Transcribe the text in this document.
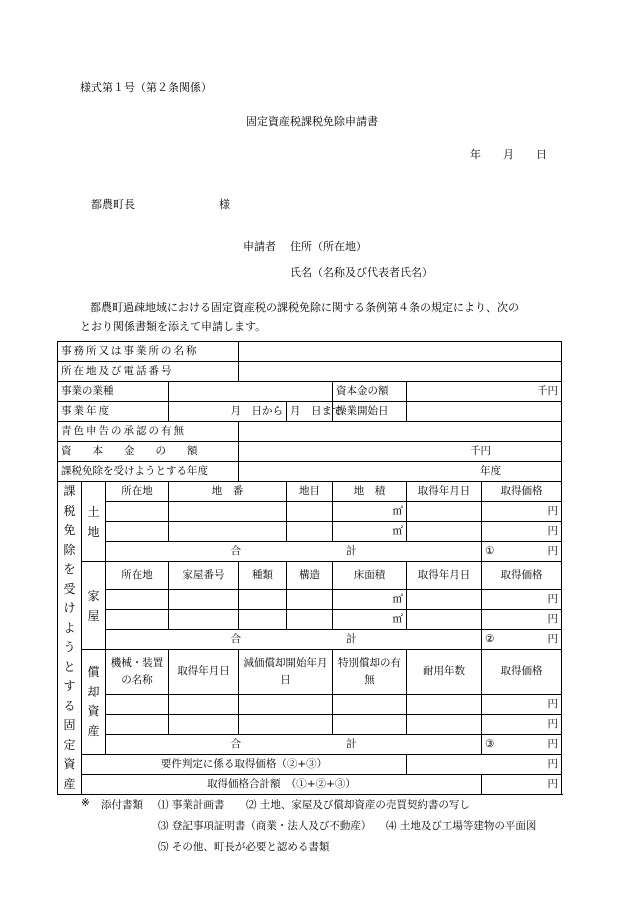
様式第１号（第２条関係）
固定資産税課税免除申請書
年　　月　　日
都農町長	様
申請者 住所（所在地）
氏名（名称及び代表者氏名）
都農町過疎地域における固定資産税の課税免除に関する条例第４条の規定により、次の
とおり関係書類を添えて申請します。
事務所又は事業所の名称								
所在地及び電話番号								
事業の業種						資本金の額	千円	
事業年度			月　日から		月　日まで	操業開始日		
青色申告の承認の有無								
資　　本　　金　　の　　額				千円				
課税免除を受けようとする年度				年度				
課税免除を受けようとする固定資産	土地	所在地	地　番		地目	地　積	取得年月日	取得価格
						㎡		円
						㎡		円
		合　　　　　　　　　　計						① 円

	家屋	所在地	家屋番号	種類	構造	床面積	取得年月日	取得価格
						㎡		円
						㎡		円
		合　　　　　　　　　　計						② 円

	償却資産	機械・装置の名称	取得年月日	減価償却開始年月日		特別償却の有　　無	耐用年数	取得価格
								円
								円
		合　　　　　　　　　　計						③ 円

	要件判定に係る取得価格（②+③）						円	
	取得価格合計額　（①+②+③）							円
※ 添付書類 ⑴ 事業計画書 ⑵ 土地、家屋及び償却資産の売買契約書の写し
⑶ 登記事項証明書（商業・法人及び不動産） ⑷ 土地及び工場等建物の平面図
⑸ その他、町長が必要と認める書類
